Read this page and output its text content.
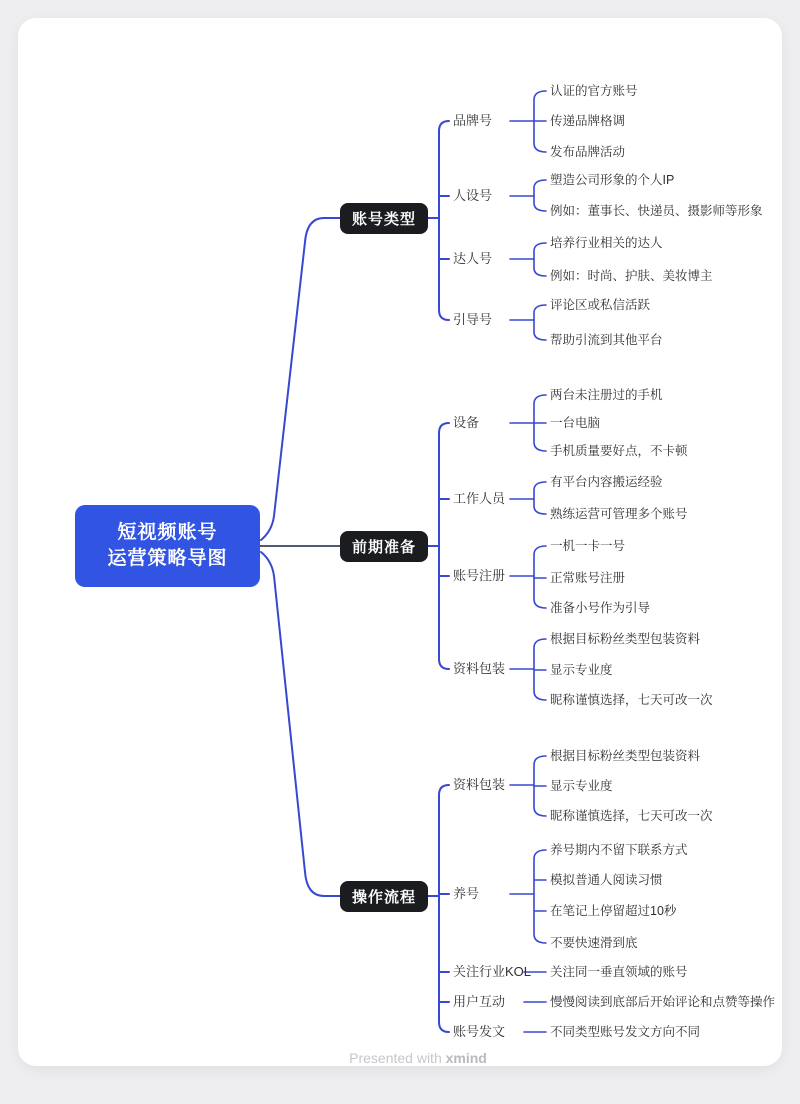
短视频账号
运营策略导图
账号类型
前期准备
操作流程
品牌号
人设号
达人号
引导号
认证的官方账号
传递品牌格调
发布品牌活动
塑造公司形象的个人IP
例如：董事长、快递员、摄影师等形象
培养行业相关的达人
例如：时尚、护肤、美妆博主
评论区或私信活跃
帮助引流到其他平台
设备
工作人员
账号注册
资料包装
两台未注册过的手机
一台电脑
手机质量要好点，不卡顿
有平台内容搬运经验
熟练运营可管理多个账号
一机一卡一号
正常账号注册
准备小号作为引导
根据目标粉丝类型包装资料
显示专业度
昵称谨慎选择，七天可改一次
资料包装
养号
关注行业KOL
用户互动
账号发文
根据目标粉丝类型包装资料
显示专业度
昵称谨慎选择，七天可改一次
养号期内不留下联系方式
模拟普通人阅读习惯
在笔记上停留超过10秒
不要快速滑到底
关注同一垂直领域的账号
慢慢阅读到底部后开始评论和点赞等操作
不同类型账号发文方向不同
Presented with xmind
